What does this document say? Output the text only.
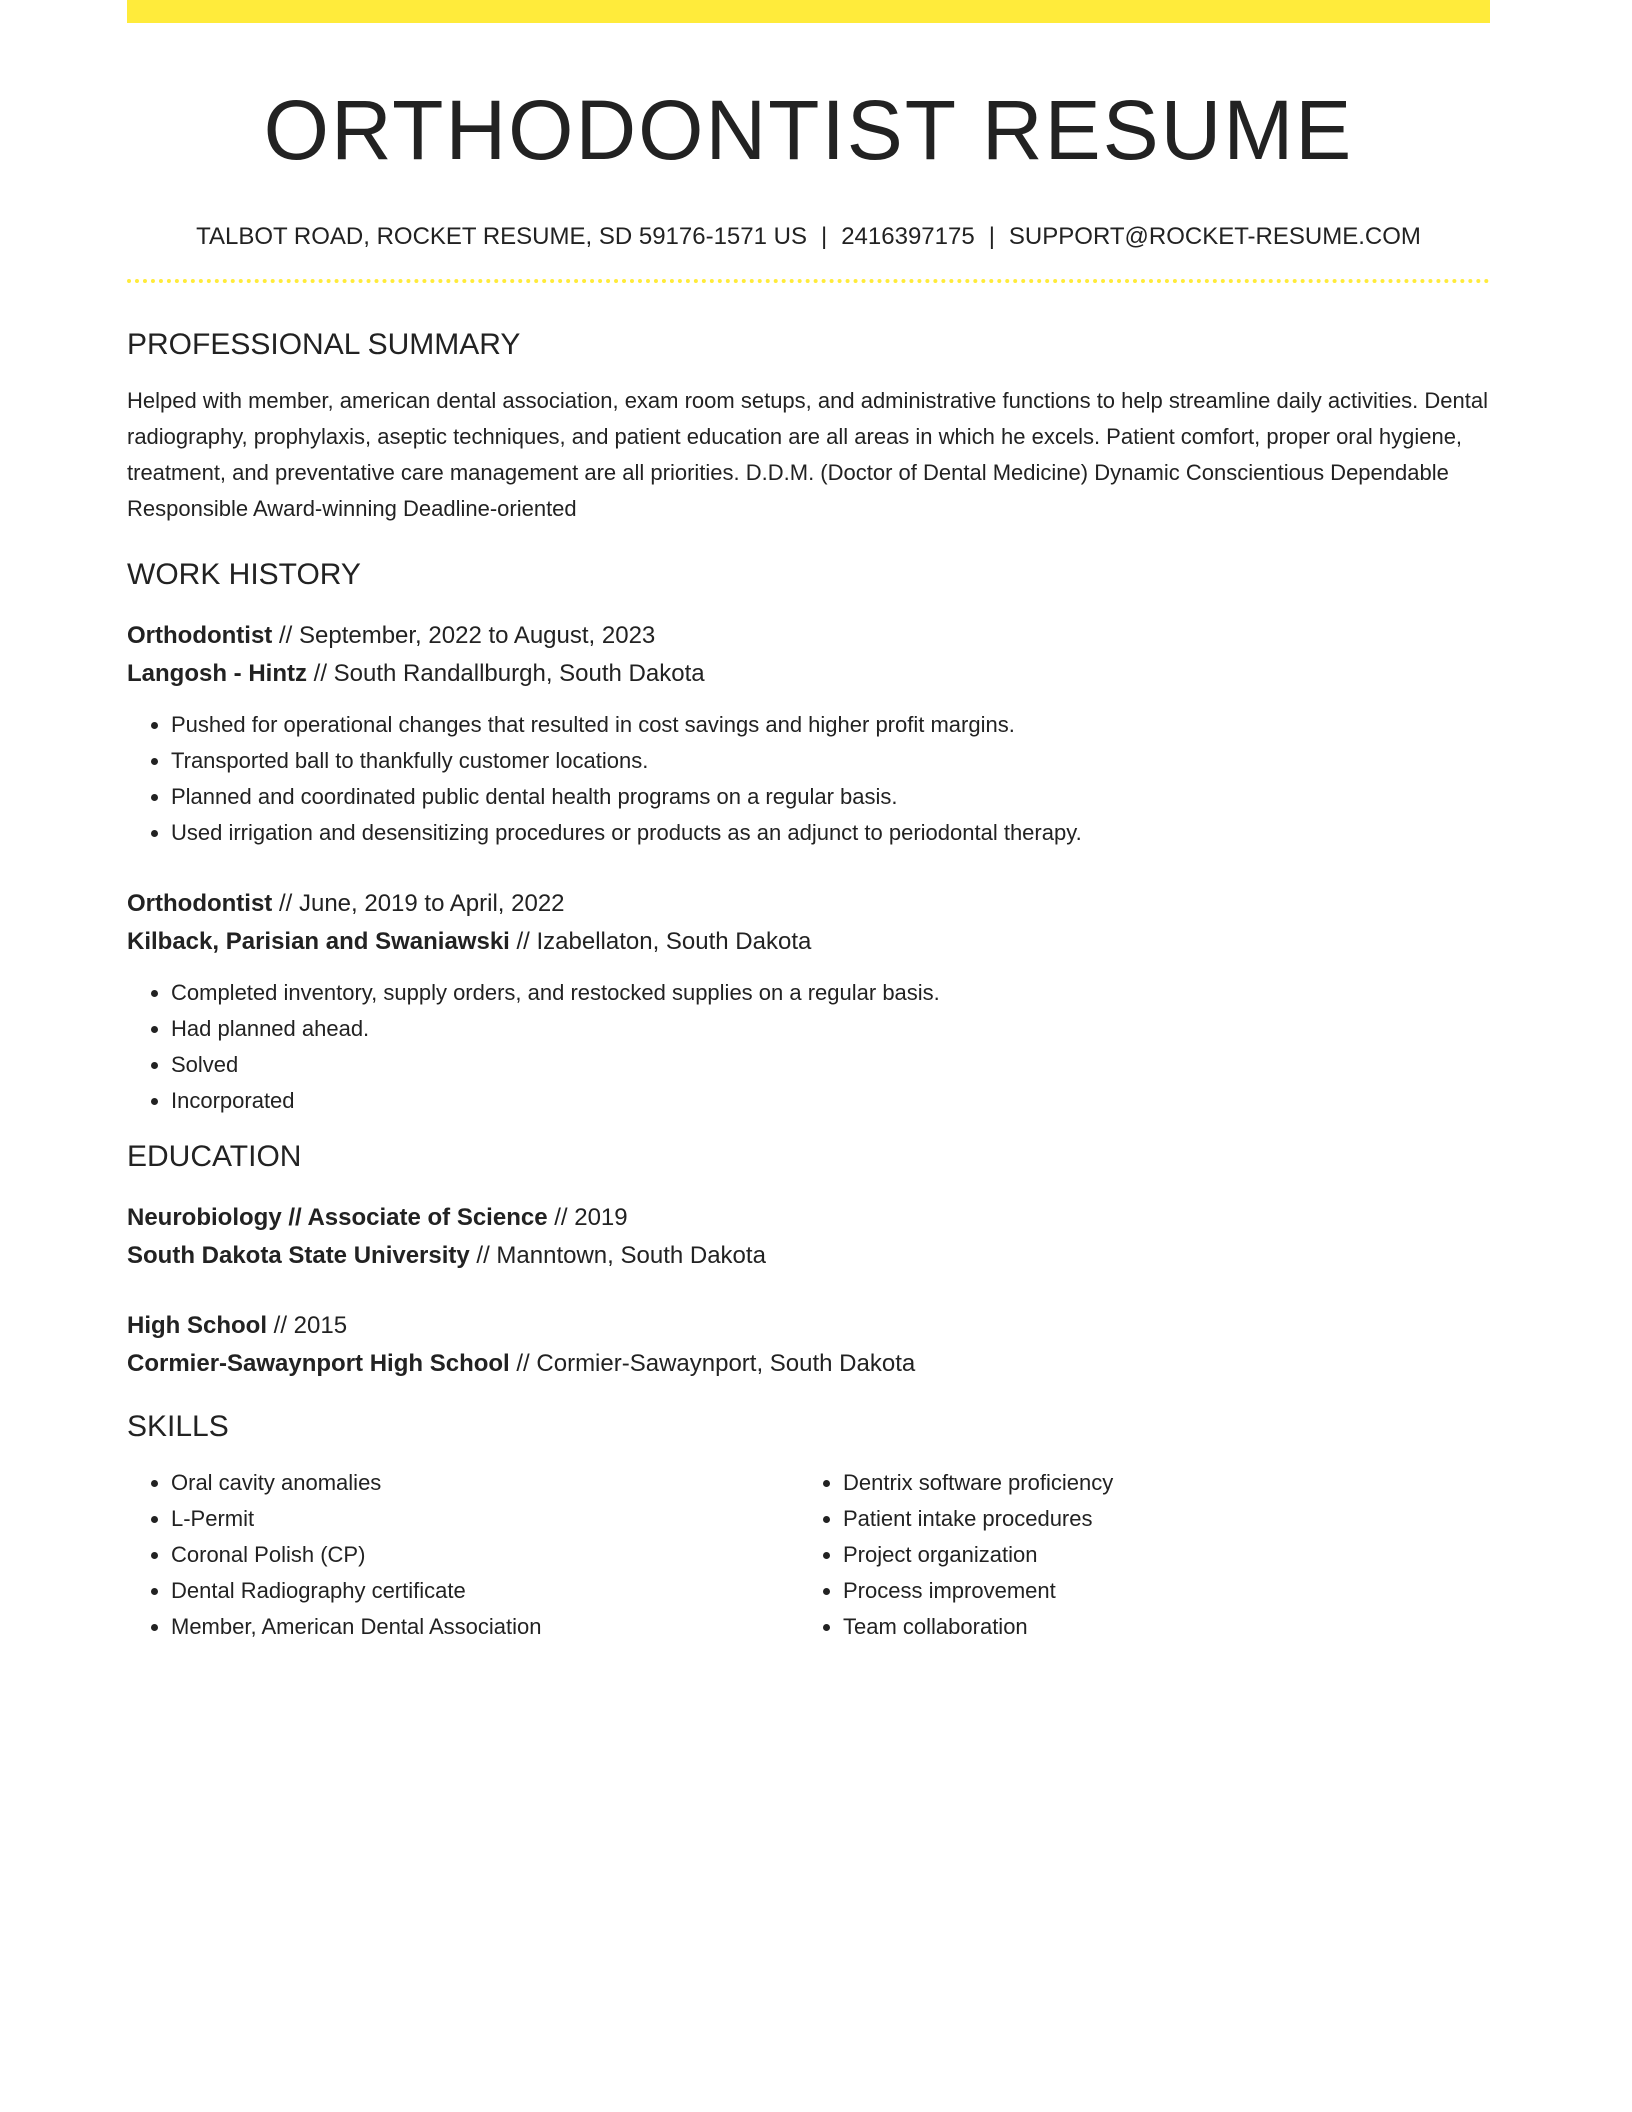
ORTHODONTIST RESUME
TALBOT ROAD, ROCKET RESUME, SD 59176-1571 US | 2416397175 | SUPPORT@ROCKET-RESUME.COM
PROFESSIONAL SUMMARY

Helped with member, american dental association, exam room setups, and administrative functions to help streamline daily activities. Dental radiography, prophylaxis, aseptic techniques, and patient education are all areas in which he excels. Patient comfort, proper oral hygiene, treatment, and preventative care management are all priorities. D.D.M. (Doctor of Dental Medicine) Dynamic Conscientious Dependable Responsible Award-winning Deadline-oriented

WORK HISTORY
Orthodontist // September, 2022 to August, 2023
Langosh - Hintz // South Randallburgh, South Dakota
• Pushed for operational changes that resulted in cost savings and higher profit margins.
• Transported ball to thankfully customer locations.
• Planned and coordinated public dental health programs on a regular basis.
• Used irrigation and desensitizing procedures or products as an adjunct to periodontal therapy.
Orthodontist // June, 2019 to April, 2022
Kilback, Parisian and Swaniawski // Izabellaton, South Dakota
• Completed inventory, supply orders, and restocked supplies on a regular basis.
• Had planned ahead.
• Solved
• Incorporated
EDUCATION
Neurobiology // Associate of Science // 2019
South Dakota State University // Manntown, South Dakota
High School // 2015
Cormier-Sawaynport High School // Cormier-Sawaynport, South Dakota
SKILLS
• Oral cavity anomalies
• L-Permit
• Coronal Polish (CP)
• Dental Radiography certificate
• Member, American Dental Association
• Dentrix software proficiency
• Patient intake procedures
• Project organization
• Process improvement
• Team collaboration
